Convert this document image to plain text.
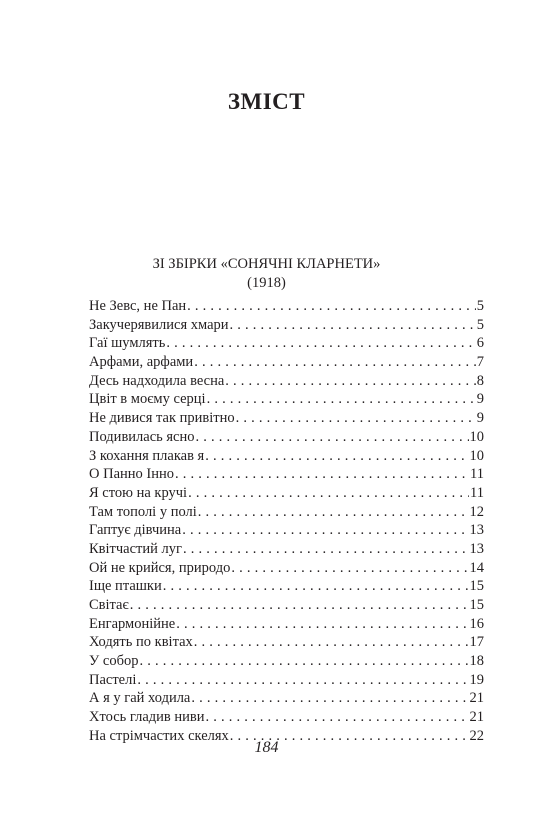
ЗМІСТ
ЗІ ЗБІРКИ «СОНЯЧНІ КЛАРНЕТИ»
(1918)
Не Зевс, не Пан . . .	5
Закучерявилися хмари . . .	5
Гаї шумлять . . .	6
Арфами, арфами . . .	7
Десь надходила весна . . .	8
Цвіт в моєму серці . . .	9
Не дивися так привітно . . .	9
Подивилась ясно . . .	10
З кохання плакав я . . .	10
О Панно Інно . . .	11
Я стою на кручі . . .	11
Там тополі у полі . . .	12
Гаптує дівчина . . .	13
Квітчастий луг . . .	13
Ой не крийся, природо . . .	14
Іще пташки . . .	15
Світає . . .	15
Енгармонійне . . .	16
Ходять по квітах . . .	17
У собор . . .	18
Пастелі . . .	19
А я у гай ходила . . .	21
Хтось гладив ниви . . .	21
На стрімчастих скелях . . .	22
184
